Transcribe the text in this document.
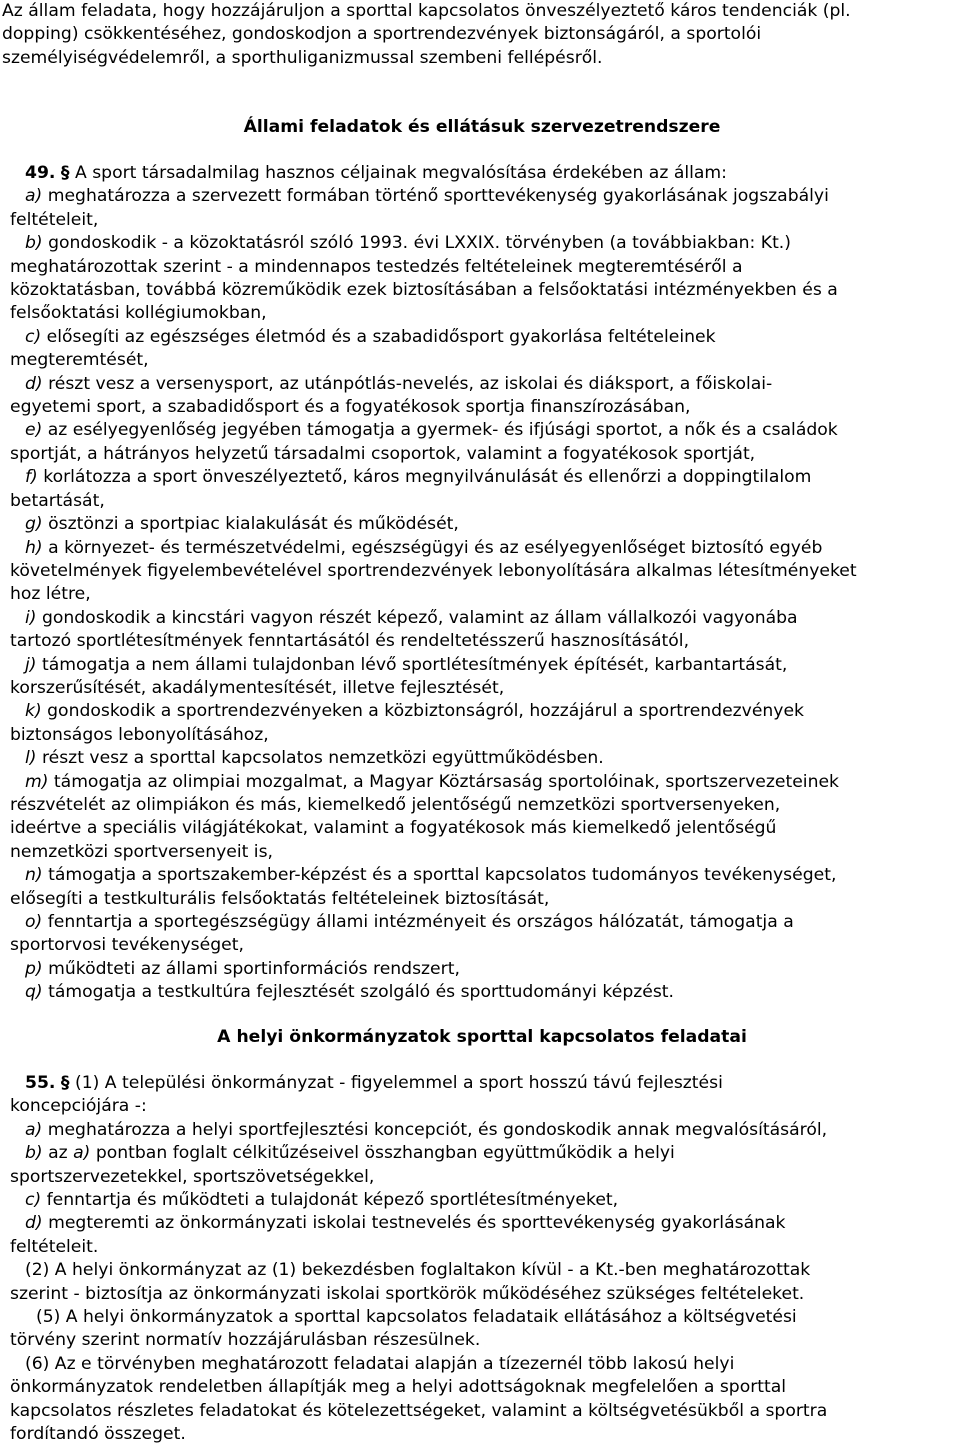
Az állam feladata, hogy hozzájáruljon a sporttal kapcsolatos önveszélyeztető káros tendenciák (pl.
dopping) csökkentéséhez, gondoskodjon a sportrendezvények biztonságáról, a sportolói
személyiségvédelemről, a sporthuliganizmussal szembeni fellépésről.
Állami feladatok és ellátásuk szervezetrendszere
49. § A sport társadalmilag hasznos céljainak megvalósítása érdekében az állam:
a) meghatározza a szervezett formában történő sporttevékenység gyakorlásának jogszabályi
feltételeit,
b) gondoskodik - a közoktatásról szóló 1993. évi LXXIX. törvényben (a továbbiakban: Kt.)
meghatározottak szerint - a mindennapos testedzés feltételeinek megteremtéséről a
közoktatásban, továbbá közreműködik ezek biztosításában a felsőoktatási intézményekben és a
felsőoktatási kollégiumokban,
c) elősegíti az egészséges életmód és a szabadidősport gyakorlása feltételeinek
megteremtését,
d) részt vesz a versenysport, az utánpótlás-nevelés, az iskolai és diáksport, a főiskolai-
egyetemi sport, a szabadidősport és a fogyatékosok sportja finanszírozásában,
e) az esélyegyenlőség jegyében támogatja a gyermek- és ifjúsági sportot, a nők és a családok
sportját, a hátrányos helyzetű társadalmi csoportok, valamint a fogyatékosok sportját,
f) korlátozza a sport önveszélyeztető, káros megnyilvánulását és ellenőrzi a doppingtilalom
betartását,
g) ösztönzi a sportpiac kialakulását és működését,
h) a környezet- és természetvédelmi, egészségügyi és az esélyegyenlőséget biztosító egyéb
követelmények figyelembevételével sportrendezvények lebonyolítására alkalmas létesítményeket
hoz létre,
i) gondoskodik a kincstári vagyon részét képező, valamint az állam vállalkozói vagyonába
tartozó sportlétesítmények fenntartásától és rendeltetésszerű hasznosításától,
j) támogatja a nem állami tulajdonban lévő sportlétesítmények építését, karbantartását,
korszerűsítését, akadálymentesítését, illetve fejlesztését,
k) gondoskodik a sportrendezvényeken a közbiztonságról, hozzájárul a sportrendezvények
biztonságos lebonyolításához,
l) részt vesz a sporttal kapcsolatos nemzetközi együttműködésben.
m) támogatja az olimpiai mozgalmat, a Magyar Köztársaság sportolóinak, sportszervezeteinek
részvételét az olimpiákon és más, kiemelkedő jelentőségű nemzetközi sportversenyeken,
ideértve a speciális világjátékokat, valamint a fogyatékosok más kiemelkedő jelentőségű
nemzetközi sportversenyeit is,
n) támogatja a sportszakember-képzést és a sporttal kapcsolatos tudományos tevékenységet,
elősegíti a testkulturális felsőoktatás feltételeinek biztosítását,
o) fenntartja a sportegészségügy állami intézményeit és országos hálózatát, támogatja a
sportorvosi tevékenységet,
p) működteti az állami sportinformációs rendszert,
q) támogatja a testkultúra fejlesztését szolgáló és sporttudományi képzést.
A helyi önkormányzatok sporttal kapcsolatos feladatai
55. § (1) A települési önkormányzat - figyelemmel a sport hosszú távú fejlesztési
koncepciójára -:
a) meghatározza a helyi sportfejlesztési koncepciót, és gondoskodik annak megvalósításáról,
b) az a) pontban foglalt célkitűzéseivel összhangban együttműködik a helyi
sportszervezetekkel, sportszövetségekkel,
c) fenntartja és működteti a tulajdonát képező sportlétesítményeket,
d) megteremti az önkormányzati iskolai testnevelés és sporttevékenység gyakorlásának
feltételeit.
(2) A helyi önkormányzat az (1) bekezdésben foglaltakon kívül - a Kt.-ben meghatározottak
szerint - biztosítja az önkormányzati iskolai sportkörök működéséhez szükséges feltételeket.
(5) A helyi önkormányzatok a sporttal kapcsolatos feladataik ellátásához a költségvetési
törvény szerint normatív hozzájárulásban részesülnek.
(6) Az e törvényben meghatározott feladatai alapján a tízezernél több lakosú helyi
önkormányzatok rendeletben állapítják meg a helyi adottságoknak megfelelően a sporttal
kapcsolatos részletes feladatokat és kötelezettségeket, valamint a költségvetésükből a sportra
fordítandó összeget.
